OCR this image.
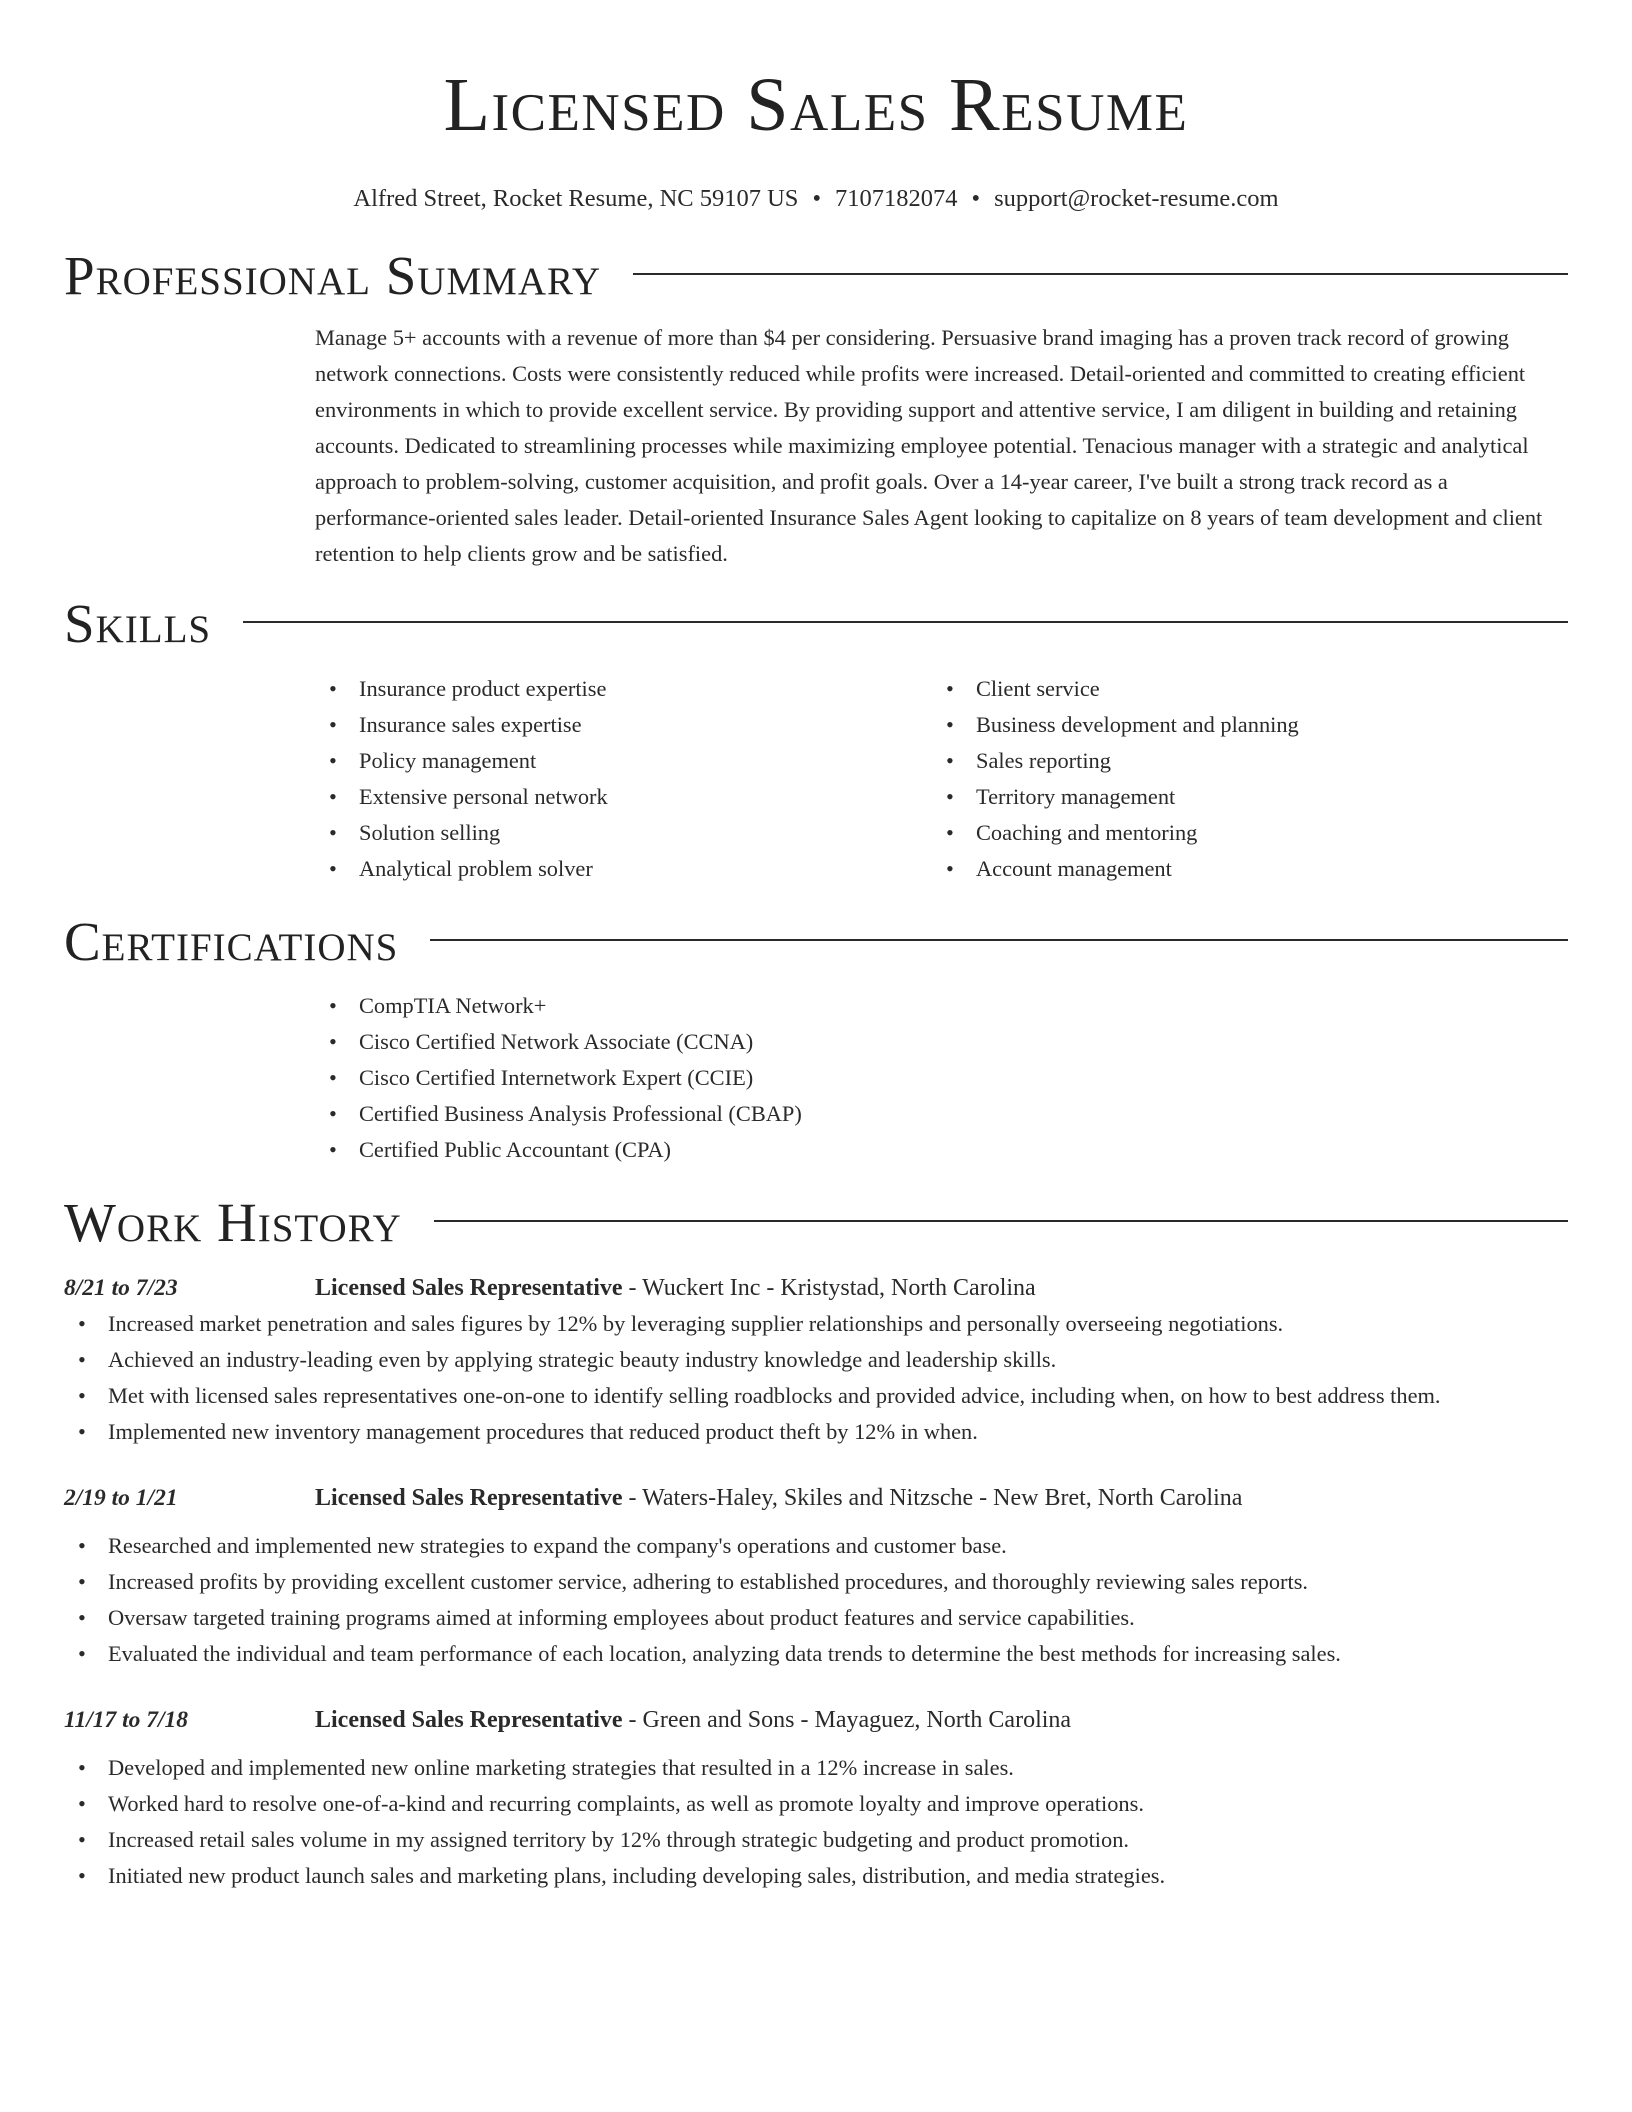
Licensed Sales Resume
Alfred Street, Rocket Resume, NC 59107 US • 7107182074 • support@rocket-resume.com
Professional Summary

Manage 5+ accounts with a revenue of more than $4 per considering. Persuasive brand imaging has a proven track record of growing network connections. Costs were consistently reduced while profits were increased. Detail-oriented and committed to creating efficient environments in which to provide excellent service. By providing support and attentive service, I am diligent in building and retaining accounts. Dedicated to streamlining processes while maximizing employee potential. Tenacious manager with a strategic and analytical approach to problem-solving, customer acquisition, and profit goals. Over a 14-year career, I've built a strong track record as a performance-oriented sales leader. Detail-oriented Insurance Sales Agent looking to capitalize on 8 years of team development and client retention to help clients grow and be satisfied.

Skills
• Insurance product expertise
• Insurance sales expertise
• Policy management
• Extensive personal network
• Solution selling
• Analytical problem solver
• Client service
• Business development and planning
• Sales reporting
• Territory management
• Coaching and mentoring
• Account management
Certifications
• CompTIA Network+
• Cisco Certified Network Associate (CCNA)
• Cisco Certified Internetwork Expert (CCIE)
• Certified Business Analysis Professional (CBAP)
• Certified Public Accountant (CPA)
Work History
8/21 to 7/23	Licensed Sales Representative - Wuckert Inc - Kristystad, North Carolina
• Increased market penetration and sales figures by 12% by leveraging supplier relationships and personally overseeing negotiations.
• Achieved an industry-leading even by applying strategic beauty industry knowledge and leadership skills.
• Met with licensed sales representatives one-on-one to identify selling roadblocks and provided advice, including when, on how to best address them.
• Implemented new inventory management procedures that reduced product theft by 12% in when.
2/19 to 1/21	Licensed Sales Representative - Waters-Haley, Skiles and Nitzsche - New Bret, North Carolina
• Researched and implemented new strategies to expand the company's operations and customer base.
• Increased profits by providing excellent customer service, adhering to established procedures, and thoroughly reviewing sales reports.
• Oversaw targeted training programs aimed at informing employees about product features and service capabilities.
• Evaluated the individual and team performance of each location, analyzing data trends to determine the best methods for increasing sales.
11/17 to 7/18	Licensed Sales Representative - Green and Sons - Mayaguez, North Carolina
• Developed and implemented new online marketing strategies that resulted in a 12% increase in sales.
• Worked hard to resolve one-of-a-kind and recurring complaints, as well as promote loyalty and improve operations.
• Increased retail sales volume in my assigned territory by 12% through strategic budgeting and product promotion.
• Initiated new product launch sales and marketing plans, including developing sales, distribution, and media strategies.
